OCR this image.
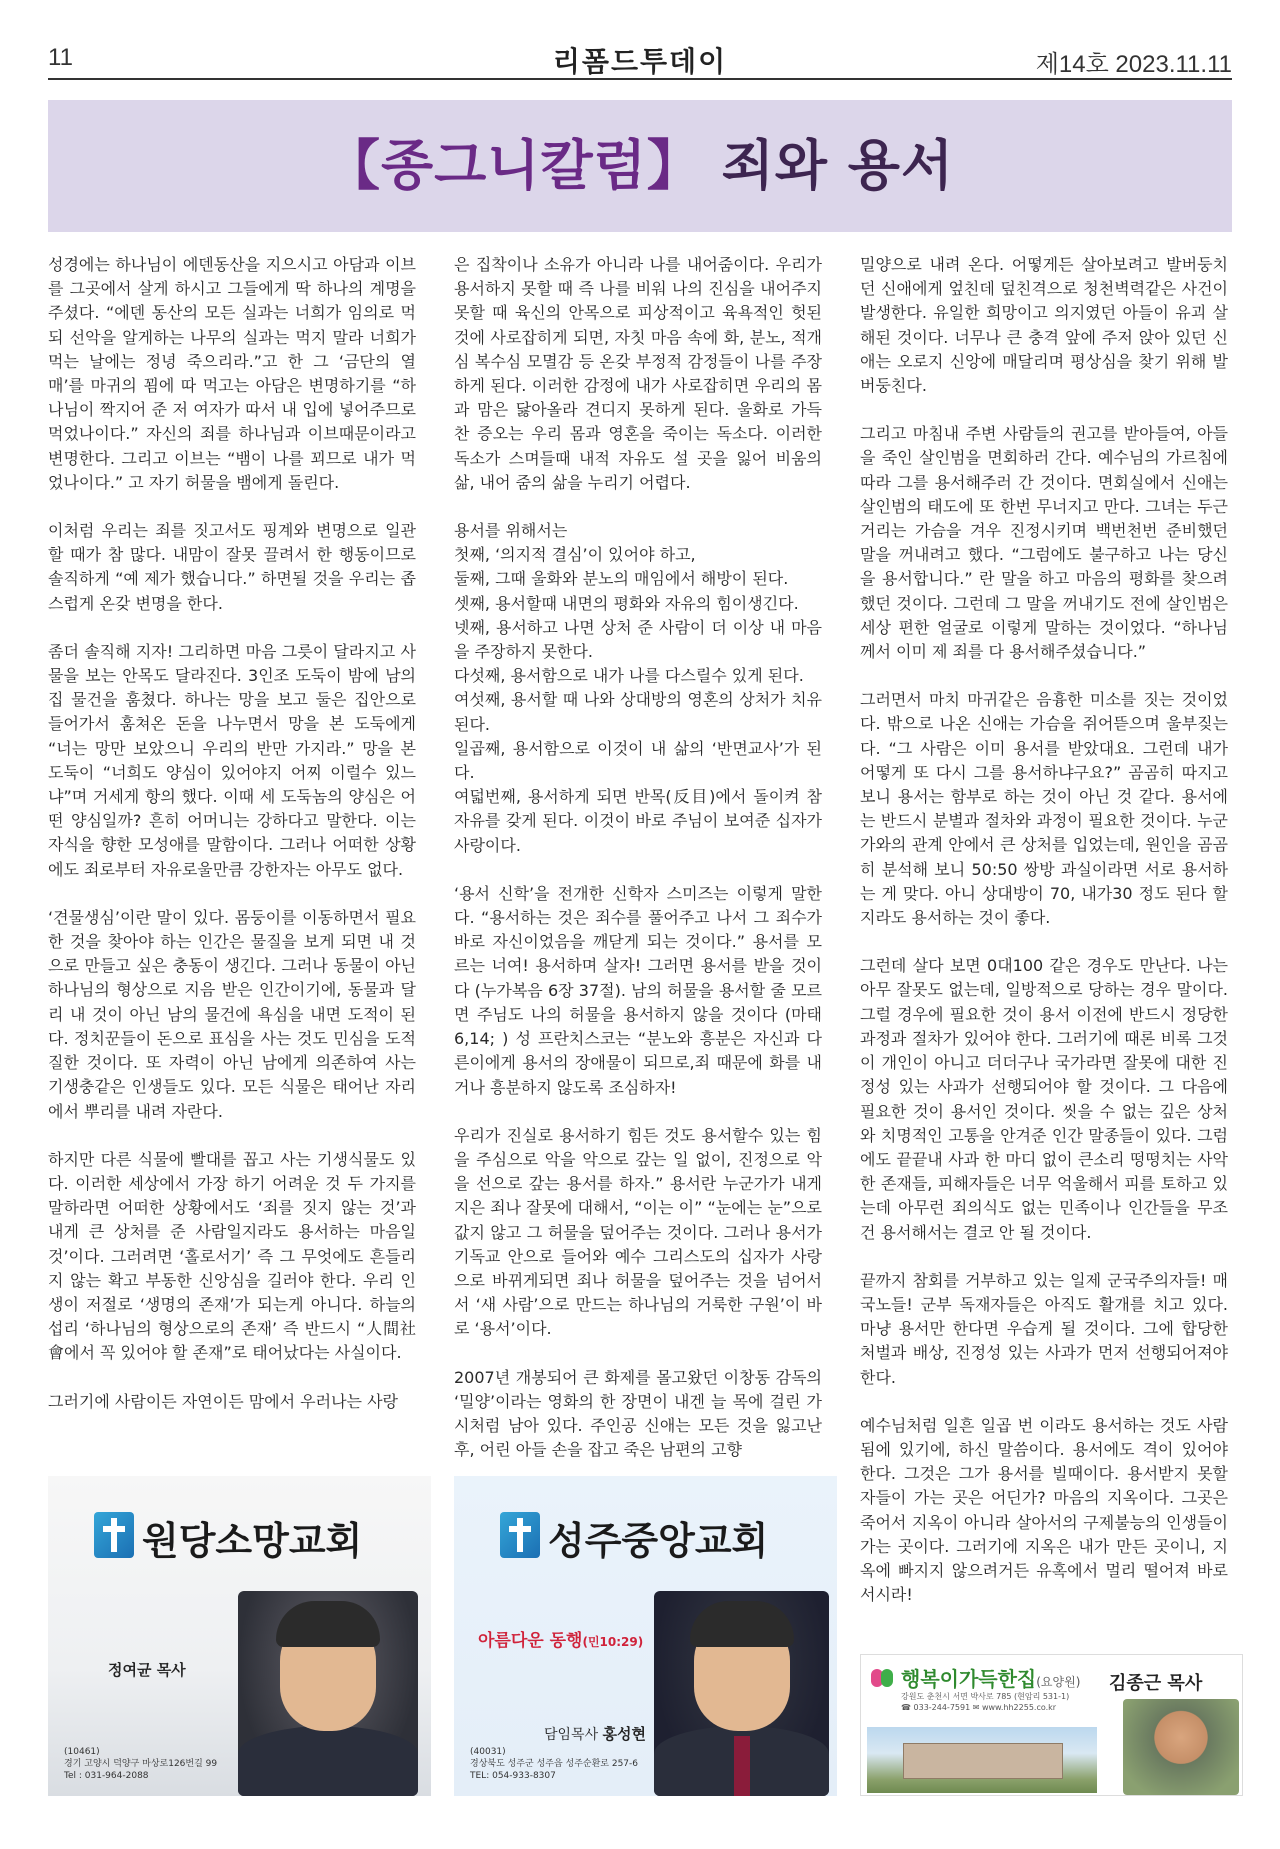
11	리폼드투데이	제14호 2023.11.11
【종그니칼럼】 죄와 용서

성경에는 하나님이 에덴동산을 지으시고 아담과 이브를 그곳에서 살게 하시고 그들에게 딱 하나의 계명을 주셨다. “에덴 동산의 모든 실과는 너희가 임의로 먹되 선악을 알게하는 나무의 실과는 먹지 말라 너희가 먹는 날에는 정녕 죽으리라.”고 한 그 ‘금단의 열매’를 마귀의 꾐에 따 먹고는 아담은 변명하기를 “하나님이 짝지어 준 저 여자가 따서 내 입에 넣어주므로 먹었나이다.” 자신의 죄를 하나님과 이브때문이라고 변명한다. 그리고 이브는 “뱀이 나를 꾀므로 내가 먹었나이다.” 고 자기 허물을 뱀에게 돌린다.

이처럼 우리는 죄를 짓고서도 핑계와 변명으로 일관할 때가 참 많다. 내맘이 잘못 끌려서 한 행동이므로 솔직하게 “예 제가 했습니다.” 하면될 것을 우리는 좁스럽게 온갖 변명을 한다.

좀더 솔직해 지자! 그리하면 마음 그릇이 달라지고 사물을 보는 안목도 달라진다. 3인조 도둑이 밤에 남의 집 물건을 훔쳤다. 하나는 망을 보고 둘은 집안으로 들어가서 훔쳐온 돈을 나누면서 망을 본 도둑에게 “너는 망만 보았으니 우리의 반만 가지라.” 망을 본 도둑이 “너희도 양심이 있어야지 어찌 이럴수 있느냐”며 거세게 항의 했다. 이때 세 도둑놈의 양심은 어떤 양심일까? 흔히 어머니는 강하다고 말한다. 이는 자식을 향한 모성애를 말함이다. 그러나 어떠한 상황에도 죄로부터 자유로울만큼 강한자는 아무도 없다.

‘견물생심’이란 말이 있다. 몸둥이를 이동하면서 필요한 것을 찾아야 하는 인간은 물질을 보게 되면 내 것으로 만들고 싶은 충동이 생긴다. 그러나 동물이 아닌 하나님의 형상으로 지음 받은 인간이기에, 동물과 달리 내 것이 아닌 남의 물건에 욕심을 내면 도적이 된다. 정치꾼들이 돈으로 표심을 사는 것도 민심을 도적질한 것이다. 또 자력이 아닌 남에게 의존하여 사는 기생충같은 인생들도 있다. 모든 식물은 태어난 자리에서 뿌리를 내려 자란다.

하지만 다른 식물에 빨대를 꼽고 사는 기생식물도 있다. 이러한 세상에서 가장 하기 어려운 것 두 가지를 말하라면 어떠한 상황에서도 ‘죄를 짓지 않는 것’과 내게 큰 상처를 준 사람일지라도 용서하는 마음일 것’이다. 그러려면 ‘홀로서기’ 즉 그 무엇에도 흔들리지 않는 확고 부동한 신앙심을 길러야 한다. 우리 인생이 저절로 ‘생명의 존재’가 되는게 아니다. 하늘의 섭리 ‘하나님의 형상으로의 존재’ 즉 반드시 “人間社會에서 꼭 있어야 할 존재”로 태어났다는 사실이다.

그러기에 사람이든 자연이든 맘에서 우러나는 사랑

은 집착이나 소유가 아니라 나를 내어줌이다. 우리가 용서하지 못할 때 즉 나를 비워 나의 진심을 내어주지 못할 때 육신의 안목으로 피상적이고 육욕적인 헛된 것에 사로잡히게 되면, 자칫 마음 속에 화, 분노, 적개심 복수심 모멸감 등 온갖 부정적 감정들이 나를 주장하게 된다. 이러한 감정에 내가 사로잡히면 우리의 몸과 맘은 닳아올라 견디지 못하게 된다. 울화로 가득 찬 증오는 우리 몸과 영혼을 죽이는 독소다. 이러한 독소가 스며들때 내적 자유도 설 곳을 잃어 비움의 삶, 내어 줌의 삶을 누리기 어렵다.

용서를 위해서는
첫째, ‘의지적 결심’이 있어야 하고,
둘째, 그때 울화와 분노의 매임에서 해방이 된다.
셋째, 용서할때 내면의 평화와 자유의 힘이생긴다.
넷째, 용서하고 나면 상처 준 사람이 더 이상 내 마음을 주장하지 못한다.
다섯째, 용서함으로 내가 나를 다스릴수 있게 된다.
여섯째, 용서할 때 나와 상대방의 영혼의 상처가 치유된다.
일곱째, 용서함으로 이것이 내 삶의 ‘반면교사’가 된다.
여덟번째, 용서하게 되면 반목(反目)에서 돌이켜 참 자유를 갖게 된다. 이것이 바로 주님이 보여준 십자가 사랑이다.

‘용서 신학’을 전개한 신학자 스미즈는 이렇게 말한다. “용서하는 것은 죄수를 풀어주고 나서 그 죄수가 바로 자신이었음을 깨닫게 되는 것이다.” 용서를 모르는 너여! 용서하며 살자! 그러면 용서를 받을 것이다 (누가복음 6장 37절). 남의 허물을 용서할 줄 모르면 주님도 나의 허물을 용서하지 않을 것이다 (마태 6,14; ) 성 프란치스코는 “분노와 흥분은 자신과 다른이에게 용서의 장애물이 되므로,죄 때문에 화를 내거나 흥분하지 않도록 조심하자!

우리가 진실로 용서하기 힘든 것도 용서할수 있는 힘을 주심으로 악을 악으로 갚는 일 없이, 진정으로 악을 선으로 갚는 용서를 하자.” 용서란 누군가가 내게 지은 죄나 잘못에 대해서, “이는 이” “눈에는 눈”으로 값지 않고 그 허물을 덮어주는 것이다. 그러나 용서가 기독교 안으로 들어와 예수 그리스도의 십자가 사랑으로 바뀌게되면 죄나 허물을 덮어주는 것을 넘어서서 ‘새 사람’으로 만드는 하나님의 거룩한 구원’이 바로 ‘용서’이다.

2007년 개봉되어 큰 화제를 몰고왔던 이창동 감독의 ‘밀양’이라는 영화의 한 장면이 내겐 늘 목에 걸린 가시처럼 남아 있다. 주인공 신애는 모든 것을 잃고난 후, 어린 아들 손을 잡고 죽은 남편의 고향

밀양으로 내려 온다. 어떻게든 살아보려고 발버둥치던 신애에게 엎친데 덮친격으로 청천벽력같은 사건이 발생한다. 유일한 희망이고 의지였던 아들이 유괴 살해된 것이다. 너무나 큰 충격 앞에 주저 앉아 있던 신애는 오로지 신앙에 매달리며 평상심을 찾기 위해 발버둥친다.

그리고 마침내 주변 사람들의 권고를 받아들여, 아들을 죽인 살인범을 면회하러 간다. 예수님의 가르침에 따라 그를 용서해주러 간 것이다. 면회실에서 신애는 살인범의 태도에 또 한번 무너지고 만다. 그녀는 두근거리는 가슴을 겨우 진정시키며 백번천번 준비했던 말을 꺼내려고 했다. “그럼에도 불구하고 나는 당신을 용서합니다.” 란 말을 하고 마음의 평화를 찾으려 했던 것이다. 그런데 그 말을 꺼내기도 전에 살인범은 세상 편한 얼굴로 이렇게 말하는 것이었다. “하나님께서 이미 제 죄를 다 용서해주셨습니다.”

그러면서 마치 마귀같은 음흉한 미소를 짓는 것이었다. 밖으로 나온 신애는 가슴을 쥐어뜯으며 울부짖는다. “그 사람은 이미 용서를 받았대요. 그런데 내가 어떻게 또 다시 그를 용서하냐구요?” 곰곰히 따지고 보니 용서는 함부로 하는 것이 아닌 것 같다. 용서에는 반드시 분별과 절차와 과정이 필요한 것이다. 누군가와의 관계 안에서 큰 상처를 입었는데, 원인을 곰곰히 분석해 보니 50:50 쌍방 과실이라면 서로 용서하는 게 맞다. 아니 상대방이 70, 내가30 정도 된다 할지라도 용서하는 것이 좋다.

그런데 살다 보면 0대100 같은 경우도 만난다. 나는 아무 잘못도 없는데, 일방적으로 당하는 경우 말이다. 그럴 경우에 필요한 것이 용서 이전에 반드시 정당한 과정과 절차가 있어야 한다. 그러기에 때론 비록 그것이 개인이 아니고 더더구나 국가라면 잘못에 대한 진정성 있는 사과가 선행되어야 할 것이다. 그 다음에 필요한 것이 용서인 것이다. 씻을 수 없는 깊은 상처와 치명적인 고통을 안겨준 인간 말종들이 있다. 그럼에도 끝끝내 사과 한 마디 없이 큰소리 떵떵치는 사악한 존재들, 피해자들은 너무 억울해서 피를 토하고 있는데 아무런 죄의식도 없는 민족이나 인간들을 무조건 용서해서는 결코 안 될 것이다.

끝까지 참회를 거부하고 있는 일제 군국주의자들! 매국노들! 군부 독재자들은 아직도 활개를 치고 있다. 마냥 용서만 한다면 우습게 될 것이다. 그에 합당한 처벌과 배상, 진정성 있는 사과가 먼저 선행되어져야 한다.

예수님처럼 일흔 일곱 번 이라도 용서하는 것도 사람 됨에 있기에, 하신 말씀이다. 용서에도 격이 있어야 한다. 그것은 그가 용서를 빌때이다. 용서받지 못할 자들이 가는 곳은 어딘가? 마음의 지옥이다. 그곳은 죽어서 지옥이 아니라 살아서의 구제불능의 인생들이 가는 곳이다. 그러기에 지옥은 내가 만든 곳이니, 지옥에 빠지지 않으려거든 유혹에서 멀리 떨어져 바로 서시라!

원당소망교회
정여균 목사
(10461)
경기 고양시 덕양구 마상로126번길 99
Tel : 031-964-2088
성주중앙교회
아름다운 동행(민10:29)
담임목사 홍성현
(40031)
경상북도 성주군 성주읍 성주순환로 257-6
TEL: 054-933-8307
행복이가득한집(요양원)
강원도 춘천시 서면 박사로 785 (현암리 531-1)
☎ 033-244-7591 ✉ www.hh2255.co.kr
김종근 목사
